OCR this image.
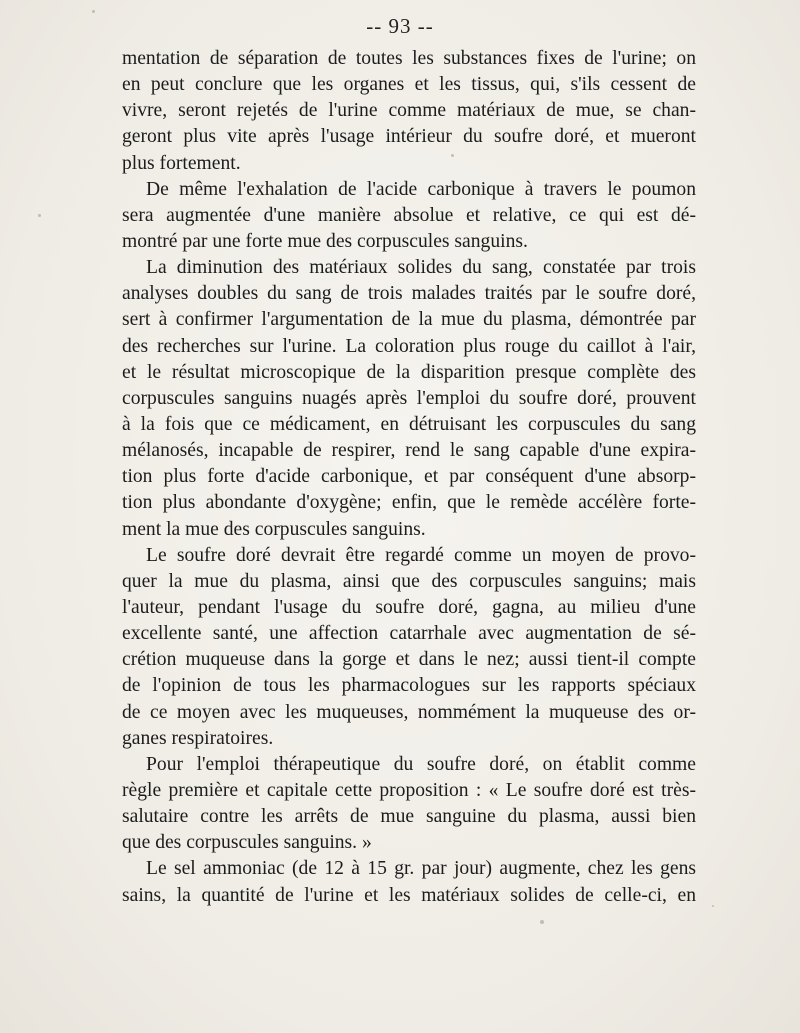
-- 93 --
mentation de séparation de toutes les substances fixes de l'urine; on
en peut conclure que les organes et les tissus, qui, s'ils cessent de
vivre, seront rejetés de l'urine comme matériaux de mue, se chan-
geront plus vite après l'usage intérieur du soufre doré, et mueront
plus fortement.
De même l'exhalation de l'acide carbonique à travers le poumon
sera augmentée d'une manière absolue et relative, ce qui est dé-
montré par une forte mue des corpuscules sanguins.
La diminution des matériaux solides du sang, constatée par trois
analyses doubles du sang de trois malades traités par le soufre doré,
sert à confirmer l'argumentation de la mue du plasma, démontrée par
des recherches sur l'urine. La coloration plus rouge du caillot à l'air,
et le résultat microscopique de la disparition presque complète des
corpuscules sanguins nuagés après l'emploi du soufre doré, prouvent
à la fois que ce médicament, en détruisant les corpuscules du sang
mélanosés, incapable de respirer, rend le sang capable d'une expira-
tion plus forte d'acide carbonique, et par conséquent d'une absorp-
tion plus abondante d'oxygène; enfin, que le remède accélère forte-
ment la mue des corpuscules sanguins.
Le soufre doré devrait être regardé comme un moyen de provo-
quer la mue du plasma, ainsi que des corpuscules sanguins; mais
l'auteur, pendant l'usage du soufre doré, gagna, au milieu d'une
excellente santé, une affection catarrhale avec augmentation de sé-
crétion muqueuse dans la gorge et dans le nez; aussi tient-il compte
de l'opinion de tous les pharmacologues sur les rapports spéciaux
de ce moyen avec les muqueuses, nommément la muqueuse des or-
ganes respiratoires.
Pour l'emploi thérapeutique du soufre doré, on établit comme
règle première et capitale cette proposition : « Le soufre doré est très-
salutaire contre les arrêts de mue sanguine du plasma, aussi bien
que des corpuscules sanguins. »
Le sel ammoniac (de 12 à 15 gr. par jour) augmente, chez les gens
sains, la quantité de l'urine et les matériaux solides de celle-ci, en
